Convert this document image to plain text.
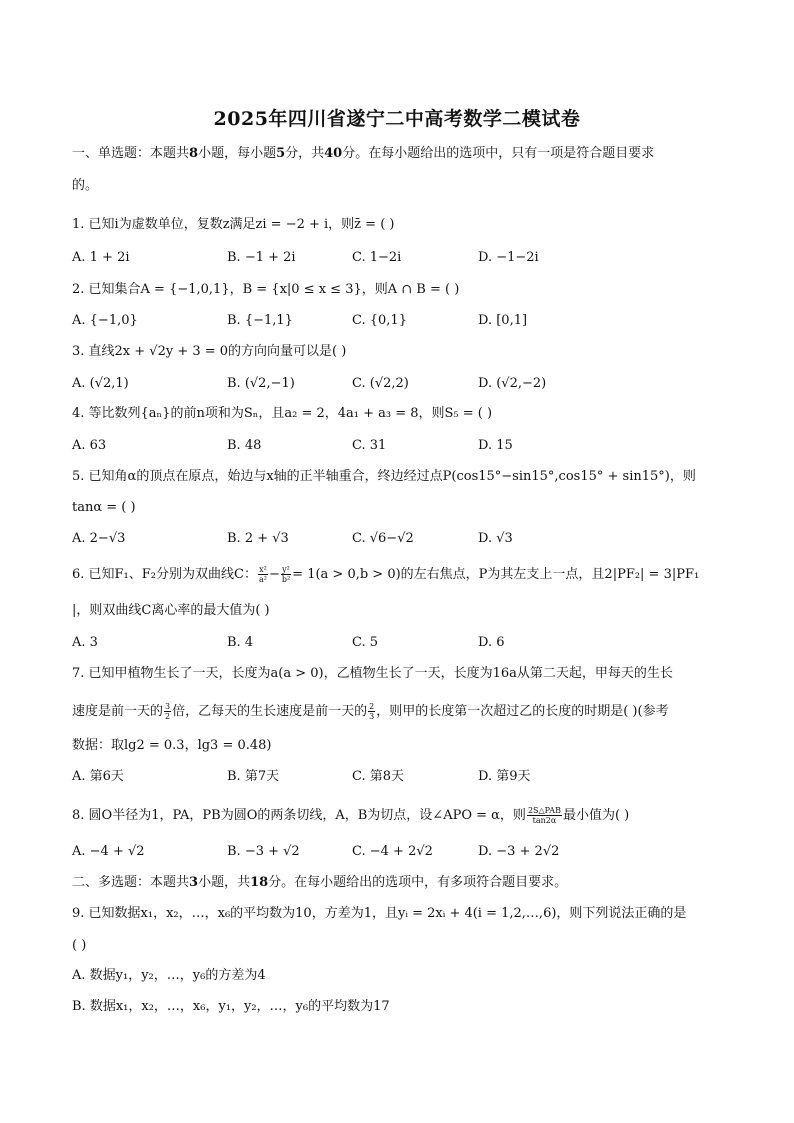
2025年四川省遂宁二中高考数学二模试卷
一、单选题：本题共8小题，每小题5分，共40分。在每小题给出的选项中，只有一项是符合题目要求
的。
1. 已知i为虚数单位，复数z满足zi = −2 + i，则z̄ = ( )
A. 1 + 2i	B. −1 + 2i	C. 1−2i	D. −1−2i
2. 已知集合A = {−1,0,1}，B = {x|0 ≤ x ≤ 3}，则A ∩ B = ( )
A. {−1,0}	B. {−1,1}	C. {0,1}	D. [0,1]
3. 直线2x + √2y + 3 = 0的方向向量可以是( )
A. (√2,1)	B. (√2,−1)	C. (√2,2)	D. (√2,−2)
4. 等比数列{aₙ}的前n项和为Sₙ，且a₂ = 2，4a₁ + a₃ = 8，则S₅ = ( )
A. 63	B. 48	C. 31	D. 15
5. 已知角α的顶点在原点，始边与x轴的正半轴重合，终边经过点P(cos15°−sin15°,cos15° + sin15°)，则
tanα = ( )
A. 2−√3	B. 2 + √3	C. √6−√2	D. √3
6. 已知F₁、F₂分别为双曲线C： $\frac{\text{x²}}{\text{a²}} - \frac{\text{y²}}{\text{b²}} = 1(a > 0,b > 0)$的左右焦点，P为其左支上一点，且2|PF₂| = 3|PF₁
|，则双曲线C离心率的最大值为( )
A. 3	B. 4	C. 5	D. 6
7. 已知甲植物生长了一天，长度为a(a > 0)，乙植物生长了一天，长度为16a从第二天起，甲每天的生长
速度是前一天的 $\frac{3}{2}$ 倍，乙每天的生长速度是前一天的 $\frac{2}{3}$ ，则甲的长度第一次超过乙的长度的时期是( )(参考
数据：取lg2 = 0.3，lg3 = 0.48)
A. 第6天	B. 第7天	C. 第8天	D. 第9天
8. 圆O半径为1，PA，PB为圆O的两条切线，A，B为切点，设∠APO = α，则 $\frac{\text{2S△PAB}}{\tan 2\alpha}$ 最小值为( )
A. −4 + √2	B. −3 + √2	C. −4 + 2√2	D. −3 + 2√2
二、多选题：本题共3小题，共18分。在每小题给出的选项中，有多项符合题目要求。
9. 已知数据x₁，x₂，…，x₆的平均数为10，方差为1，且yᵢ = 2xᵢ + 4(i = 1,2,…,6)，则下列说法正确的是
( )
A. 数据y₁，y₂，…，y₆的方差为4
B. 数据x₁，x₂，…，x₆，y₁，y₂，…，y₆的平均数为17
